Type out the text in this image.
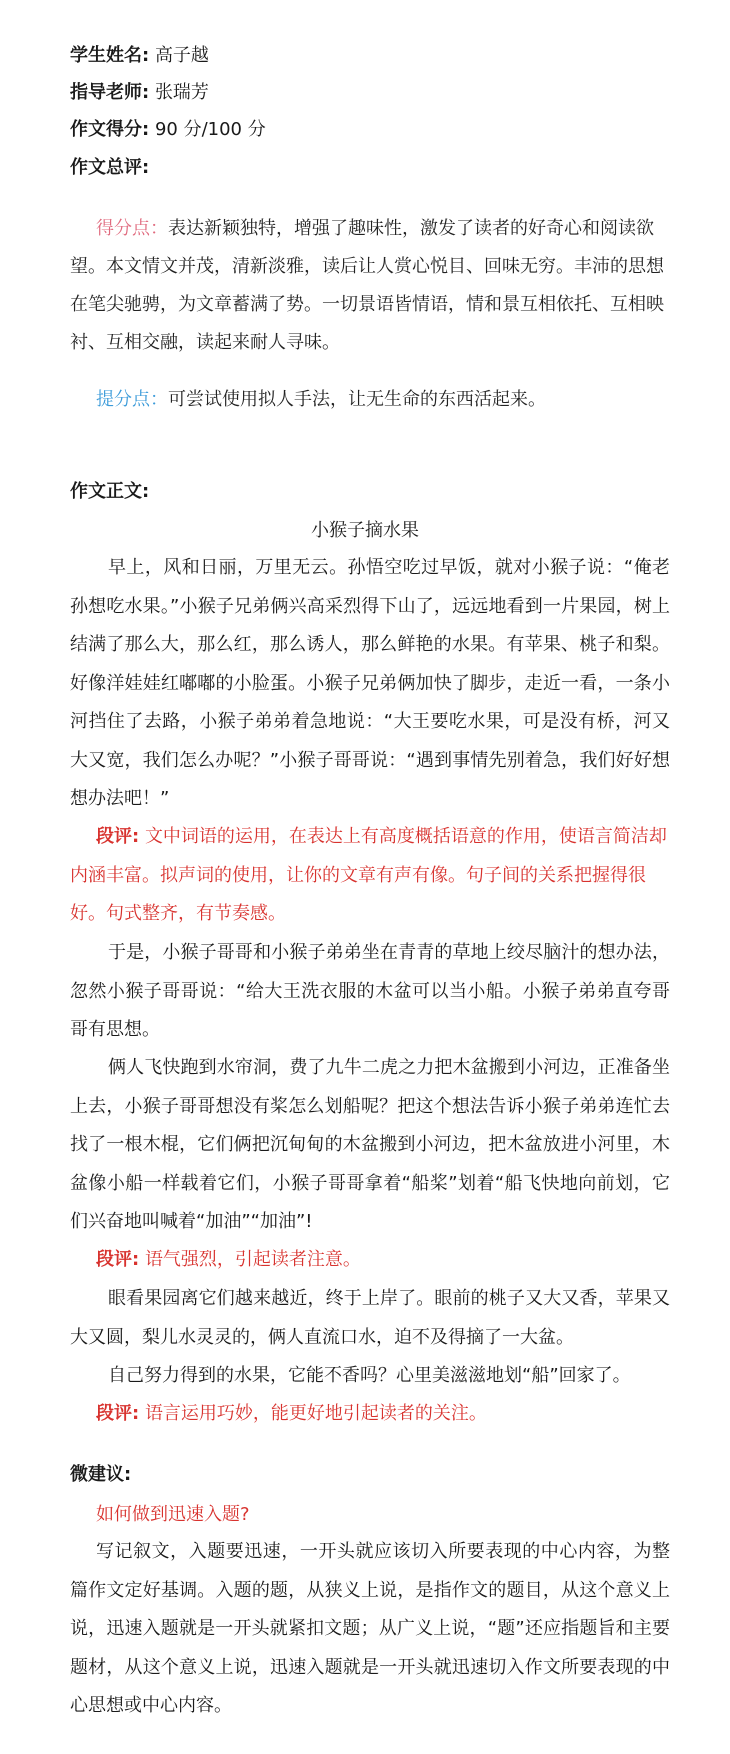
学生姓名: 高子越
指导老师: 张瑞芳
作文得分: 90 分/100 分
作文总评:
得分点：表达新颖独特，增强了趣味性，激发了读者的好奇心和阅读欲望。本文情文并茂，清新淡雅，读后让人赏心悦目、回味无穷。丰沛的思想在笔尖驰骋，为文章蓄满了势。一切景语皆情语，情和景互相依托、互相映衬、互相交融，读起来耐人寻味。
提分点：可尝试使用拟人手法，让无生命的东西活起来。
作文正文:
小猴子摘水果
早上，风和日丽，万里无云。孙悟空吃过早饭，就对小猴子说：“俺老孙想吃水果。”小猴子兄弟俩兴高采烈得下山了，远远地看到一片果园，树上结满了那么大，那么红，那么诱人，那么鲜艳的水果。有苹果、桃子和梨。好像洋娃娃红嘟嘟的小脸蛋。小猴子兄弟俩加快了脚步，走近一看，一条小河挡住了去路，小猴子弟弟着急地说：“大王要吃水果，可是没有桥，河又大又宽，我们怎么办呢？”小猴子哥哥说：“遇到事情先别着急，我们好好想想办法吧！”
段评: 文中词语的运用，在表达上有高度概括语意的作用，使语言简洁却内涵丰富。拟声词的使用，让你的文章有声有像。句子间的关系把握得很好。句式整齐，有节奏感。
于是，小猴子哥哥和小猴子弟弟坐在青青的草地上绞尽脑汁的想办法，忽然小猴子哥哥说：“给大王洗衣服的木盆可以当小船。小猴子弟弟直夸哥哥有思想。
俩人飞快跑到水帘洞，费了九牛二虎之力把木盆搬到小河边，正准备坐上去，小猴子哥哥想没有桨怎么划船呢？把这个想法告诉小猴子弟弟连忙去找了一根木棍，它们俩把沉甸甸的木盆搬到小河边，把木盆放进小河里，木盆像小船一样载着它们，小猴子哥哥拿着“船桨”划着“船飞快地向前划，它们兴奋地叫喊着“加油”“加油”!
段评: 语气强烈，引起读者注意。
眼看果园离它们越来越近，终于上岸了。眼前的桃子又大又香，苹果又大又圆，梨儿水灵灵的，俩人直流口水，迫不及得摘了一大盆。
自己努力得到的水果，它能不香吗？心里美滋滋地划“船”回家了。
段评: 语言运用巧妙，能更好地引起读者的关注。
微建议:
如何做到迅速入题?
写记叙文，入题要迅速，一开头就应该切入所要表现的中心内容，为整篇作文定好基调。入题的题，从狭义上说，是指作文的题目，从这个意义上说，迅速入题就是一开头就紧扣文题；从广义上说，“题”还应指题旨和主要题材，从这个意义上说，迅速入题就是一开头就迅速切入作文所要表现的中心思想或中心内容。
